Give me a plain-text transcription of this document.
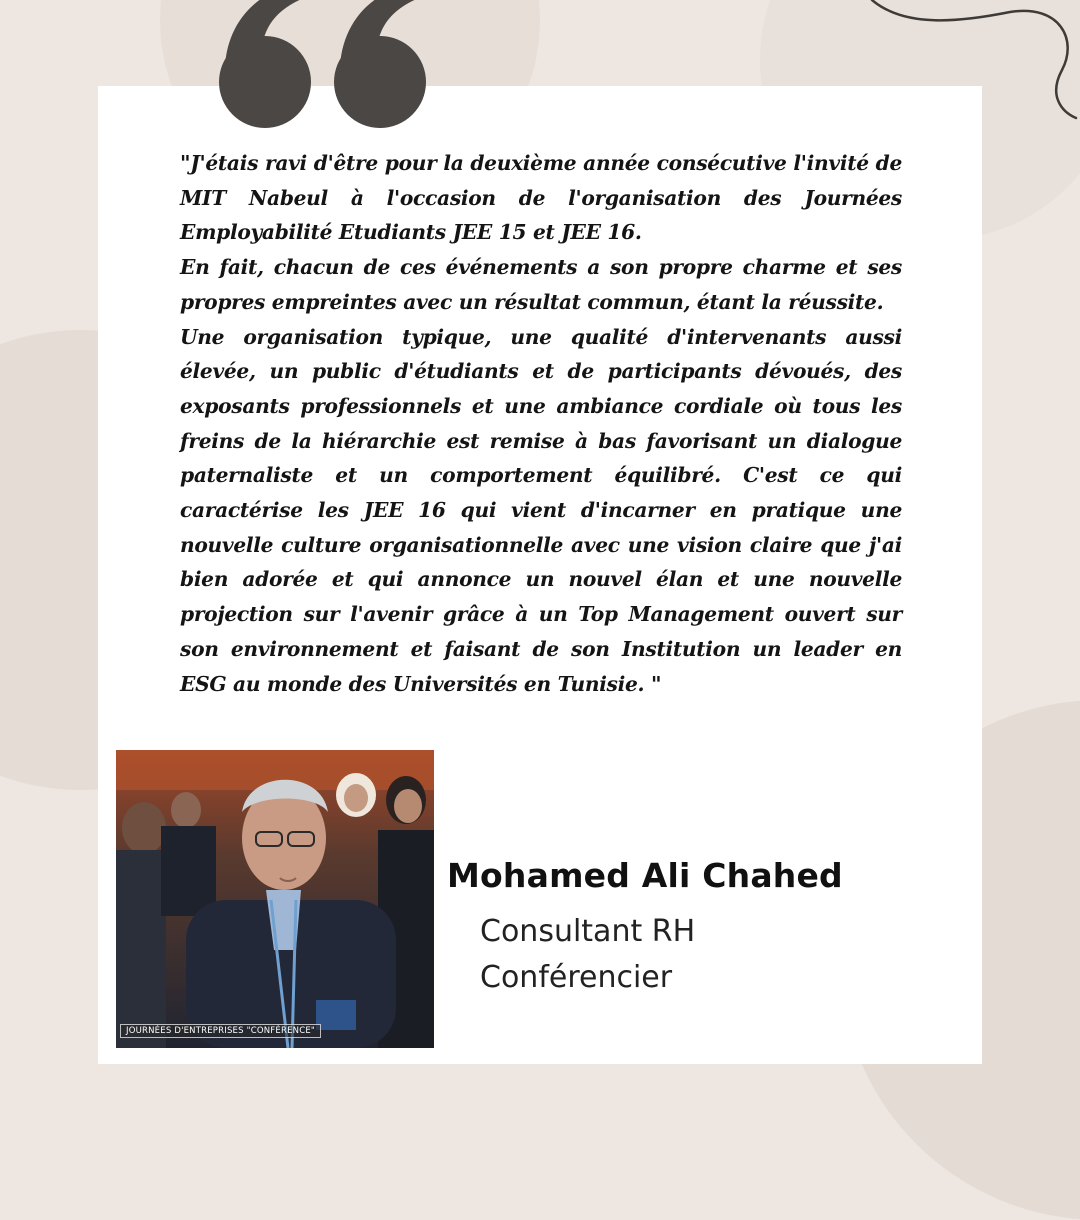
"J'étais ravi d'être pour la deuxième année consécutive l'invité de MIT Nabeul à l'occasion de l'organisation des Journées Employabilité Etudiants JEE 15 et JEE 16.

En fait, chacun de ces événements a son propre charme et ses propres empreintes avec un résultat commun, étant la réussite.

Une organisation typique, une qualité d'intervenants aussi élevée, un public d'étudiants et de participants dévoués, des exposants professionnels et une ambiance cordiale où tous les freins de la hiérarchie est remise à bas favorisant un dialogue paternaliste et un comportement équilibré. C'est ce qui caractérise les JEE 16 qui vient d'incarner en pratique une nouvelle culture organisationnelle avec une vision claire que j'ai bien adorée et qui annonce un nouvel élan et une nouvelle projection sur l'avenir grâce à un Top Management ouvert sur son environnement et faisant de son Institution un leader en ESG au monde des Universités en Tunisie. "

JOURNÉES D'ENTREPRISES "CONFÉRENCE"
Mohamed Ali Chahed
Consultant RH
Conférencier
